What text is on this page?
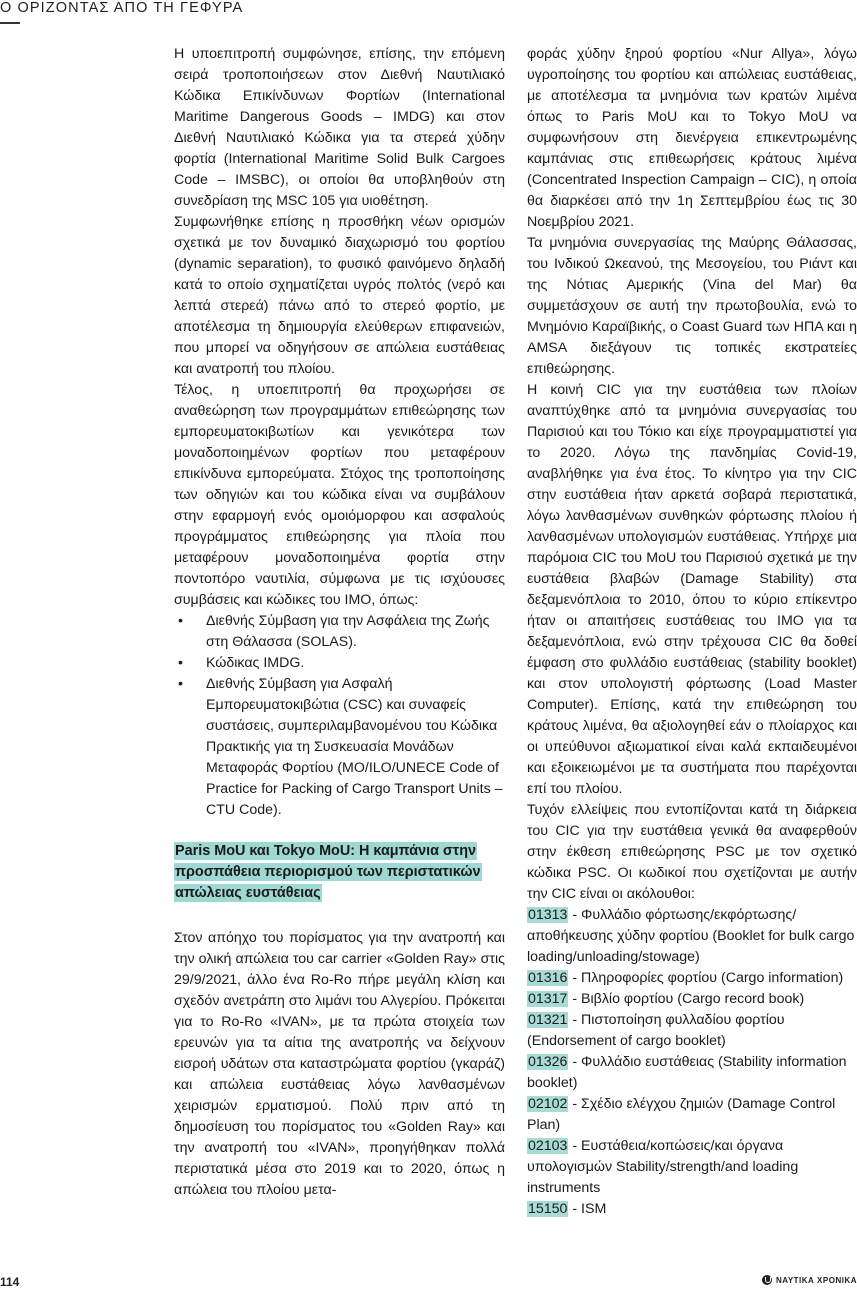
Ο ΟΡΙΖΟΝΤΑΣ ΑΠΟ ΤΗ ΓΕΦΥΡΑ

Η υποεπιτροπή συμφώνησε, επίσης, την επόμενη σειρά τροποποιήσεων στον Διεθνή Ναυτιλιακό Κώδικα Επικίνδυνων Φορτίων (International Maritime Dangerous Goods – IMDG) και στον Διεθνή Ναυτιλιακό Κώδικα για τα στερεά χύδην φορτία (International Maritime Solid Bulk Cargoes Code – IMSBC), οι οποίοι θα υποβληθούν στη συνεδρίαση της MSC 105 για υιοθέτηση.

Συμφωνήθηκε επίσης η προσθήκη νέων ορισμών σχετικά με τον δυναμικό διαχωρισμό του φορτίου (dynamic separation), το φυσικό φαινόμενο δηλαδή κατά το οποίο σχηματίζεται υγρός πολτός (νερό και λεπτά στερεά) πάνω από το στερεό φορτίο, με αποτέλεσμα τη δημιουργία ελεύθερων επιφανειών, που μπορεί να οδηγήσουν σε απώλεια ευστάθειας και ανατροπή του πλοίου.

Τέλος, η υποεπιτροπή θα προχωρήσει σε αναθεώρηση των προγραμμάτων επιθεώρησης των εμπορευματοκιβωτίων και γενικότερα των μοναδοποιημένων φορτίων που μεταφέρουν επικίνδυνα εμπορεύματα. Στόχος της τροποποίησης των οδηγιών και του κώδικα είναι να συμβάλουν στην εφαρμογή ενός ομοιόμορφου και ασφαλούς προγράμματος επιθεώρησης για πλοία που μεταφέρουν μοναδοποιημένα φορτία στην ποντοπόρο ναυτιλία, σύμφωνα με τις ισχύουσες συμβάσεις και κώδικες του ΙΜΟ, όπως:

• Διεθνής Σύμβαση για την Ασφάλεια της Ζωής στη Θάλασσα (SOLAS).
• Κώδικας IMDG.
• Διεθνής Σύμβαση για Ασφαλή Εμπορευματοκιβώτια (CSC) και συναφείς συστάσεις, συμπεριλαμβανομένου του Κώδικα Πρακτικής για τη Συσκευασία Μονάδων Μεταφοράς Φορτίου (MO/ILO/UNECE Code of Practice for Packing of Cargo Transport Units – CTU Code).
Paris MoU και Tokyo MoU: Η καμπάνια στην προσπάθεια περιορισμού των περιστατικών απώλειας ευστάθειας

Στον απόηχο του πορίσματος για την ανατροπή και την ολική απώλεια του car carrier «Golden Ray» στις 29/9/2021, άλλο ένα Ro-Ro πήρε μεγάλη κλίση και σχεδόν ανετράπη στο λιμάνι του Αλγερίου. Πρόκειται για το Ro-Ro «IVAN», με τα πρώτα στοιχεία των ερευνών για τα αίτια της ανατροπής να δείχνουν εισροή υδάτων στα καταστρώματα φορτίου (γκαράζ) και απώλεια ευστάθειας λόγω λανθασμένων χειρισμών ερματισμού. Πολύ πριν από τη δημοσίευση του πορίσματος του «Golden Ray» και την ανατροπή του «IVAN», προηγήθηκαν πολλά περιστατικά μέσα στο 2019 και το 2020, όπως η απώλεια του πλοίου μετα-

φοράς χύδην ξηρού φορτίου «Nur Allya», λόγω υγροποίησης του φορτίου και απώλειας ευστάθειας, με αποτέλεσμα τα μνημόνια των κρατών λιμένα όπως το Paris MoU και το Tokyo MoU να συμφωνήσουν στη διενέργεια επικεντρωμένης καμπάνιας στις επιθεωρήσεις κράτους λιμένα (Concentrated Inspection Campaign – CIC), η οποία θα διαρκέσει από την 1η Σεπτεμβρίου έως τις 30 Νοεμβρίου 2021.

Τα μνημόνια συνεργασίας της Μαύρης Θάλασσας, του Ινδικού Ωκεανού, της Μεσογείου, του Ριάντ και της Νότιας Αμερικής (Vina del Mar) θα συμμετάσχουν σε αυτή την πρωτοβουλία, ενώ το Μνημόνιο Καραϊβικής, ο Coast Guard των ΗΠΑ και η AMSA διεξάγουν τις τοπικές εκστρατείες επιθεώρησης.

Η κοινή CIC για την ευστάθεια των πλοίων αναπτύχθηκε από τα μνημόνια συνεργασίας του Παρισιού και του Τόκιο και είχε προγραμματιστεί για το 2020. Λόγω της πανδημίας Covid-19, αναβλήθηκε για ένα έτος. Το κίνητρο για την CIC στην ευστάθεια ήταν αρκετά σοβαρά περιστατικά, λόγω λανθασμένων συνθηκών φόρτωσης πλοίου ή λανθασμένων υπολογισμών ευστάθειας. Υπήρχε μια παρόμοια CIC του MoU του Παρισιού σχετικά με την ευστάθεια βλαβών (Damage Stability) στα δεξαμενόπλοια το 2010, όπου το κύριο επίκεντρο ήταν οι απαιτήσεις ευστάθειας του ΙΜΟ για τα δεξαμενόπλοια, ενώ στην τρέχουσα CIC θα δοθεί έμφαση στο φυλλάδιο ευστάθειας (stability booklet) και στον υπολογιστή φόρτωσης (Load Master Computer). Επίσης, κατά την επιθεώρηση του κράτους λιμένα, θα αξιολογηθεί εάν ο πλοίαρχος και οι υπεύθυνοι αξιωματικοί είναι καλά εκπαιδευμένοι και εξοικειωμένοι με τα συστήματα που παρέχονται επί του πλοίου.

Τυχόν ελλείψεις που εντοπίζονται κατά τη διάρκεια του CIC για την ευστάθεια γενικά θα αναφερθούν στην έκθεση επιθεώρησης PSC με τον σχετικό κώδικα PSC. Οι κωδικοί που σχετίζονται με αυτήν την CIC είναι οι ακόλουθοι:

01313 - Φυλλάδιο φόρτωσης/εκφόρτωσης/ αποθήκευσης χύδην φορτίου (Booklet for bulk cargo loading/unloading/stowage)

01316 - Πληροφορίες φορτίου (Cargo information)

01317 - Βιβλίο φορτίου (Cargo record book)

01321 - Πιστοποίηση φυλλαδίου φορτίου (Endorsement of cargo booklet)

01326 - Φυλλάδιο ευστάθειας (Stability information booklet)

02102 - Σχέδιο ελέγχου ζημιών (Damage Control Plan)

02103 - Ευστάθεια/κοπώσεις/και όργανα υπολογισμών Stability/strength/and loading instruments

15150 - ISM

114	ΝΑΥΤΙΚΑ ΧΡΟΝΙΚΑ
